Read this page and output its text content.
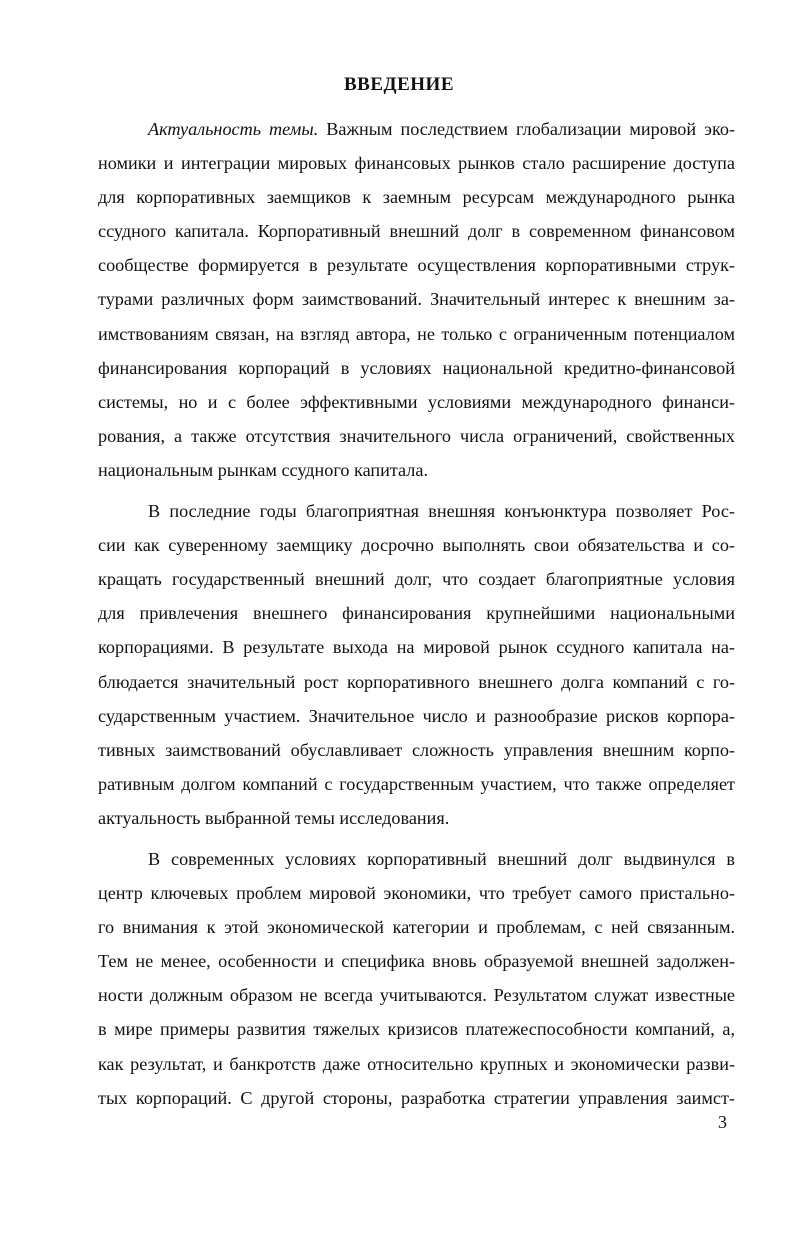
ВВЕДЕНИЕ
Актуальность темы. Важным последствием глобализации мировой эко-
номики и интеграции мировых финансовых рынков стало расширение доступа
для корпоративных заемщиков к заемным ресурсам международного рынка
ссудного капитала. Корпоративный внешний долг в современном финансовом
сообществе формируется в результате осуществления корпоративными струк-
турами различных форм заимствований. Значительный интерес к внешним за-
имствованиям связан, на взгляд автора, не только с ограниченным потенциалом
финансирования корпораций в условиях национальной кредитно-финансовой
системы, но и с более эффективными условиями международного финанси-
рования, а также отсутствия значительного числа ограничений, свойственных
национальным рынкам ссудного капитала.
В последние годы благоприятная внешняя конъюнктура позволяет Рос-
сии как суверенному заемщику досрочно выполнять свои обязательства и со-
кращать государственный внешний долг, что создает благоприятные условия
для привлечения внешнего финансирования крупнейшими национальными
корпорациями. В результате выхода на мировой рынок ссудного капитала на-
блюдается значительный рост корпоративного внешнего долга компаний с го-
сударственным участием. Значительное число и разнообразие рисков корпора-
тивных заимствований обуславливает сложность управления внешним корпо-
ративным долгом компаний с государственным участием, что также определяет
актуальность выбранной темы исследования.
В современных условиях корпоративный внешний долг выдвинулся в
центр ключевых проблем мировой экономики, что требует самого пристально-
го внимания к этой экономической категории и проблемам, с ней связанным.
Тем не менее, особенности и специфика вновь образуемой внешней задолжен-
ности должным образом не всегда учитываются. Результатом служат известные
в мире примеры развития тяжелых кризисов платежеспособности компаний, а,
как результат, и банкротств даже относительно крупных и экономически разви-
тых корпораций. С другой стороны, разработка стратегии управления заимст-
3
